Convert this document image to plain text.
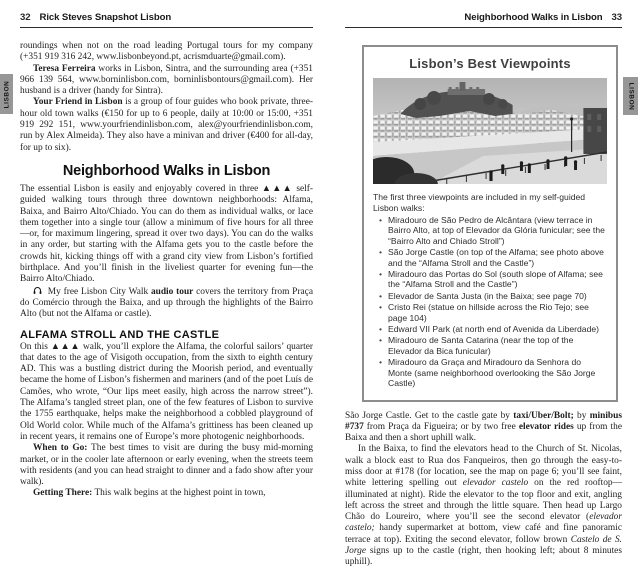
LISBON	LISBON
32 Rick Steves Snapshot Lisbon

roundings when not on the road leading Portugal tours for my company (+351 919 316 242, www.lisbonbeyond.pt, acrismduarte@gmail.com).

Teresa Ferreira works in Lisbon, Sintra, and the surrounding area (+351 966 139 564, www.borninlisbon.com, borninlisbontours@gmail.com). Her husband is a driver (handy for Sintra).

Your Friend in Lisbon is a group of four guides who book private, three-hour old town walks (€150 for up to 6 people, daily at 10:00 or 15:00, +351 919 292 151, www.yourfriendinlisbon.com, alex@yourfriendinlisbon.com, run by Alex Almeida). They also have a minivan and driver (€400 for all-day, for up to six).

Neighborhood Walks in Lisbon

The essential Lisbon is easily and enjoyably covered in three ▲▲▲ self-guided walking tours through three downtown neighborhoods: Alfama, Baixa, and Bairro Alto/Chiado. You can do them as individual walks, or lace them together into a single tour (allow a minimum of five hours for all three—or, for maximum lingering, spread it over two days). You can do the walks in any order, but starting with the Alfama gets you to the castle before the crowds hit, kicking things off with a grand city view from Lisbon’s fortified birthplace. And you’ll finish in the liveliest quarter for evening fun—the Bairro Alto/Chiado.

My free Lisbon City Walk audio tour covers the territory from Praça do Comércio through the Baixa, and up through the highlights of the Bairro Alto (but not the Alfama or castle).

ALFAMA STROLL AND THE CASTLE

On this ▲▲▲ walk, you’ll explore the Alfama, the colorful sailors’ quarter that dates to the age of Visigoth occupation, from the sixth to eighth century AD. This was a bustling district during the Moorish period, and eventually became the home of Lisbon’s fishermen and mariners (and of the poet Luís de Camões, who wrote, “Our lips meet easily, high across the narrow street”). The Alfama’s tangled street plan, one of the few features of Lisbon to survive the 1755 earthquake, helps make the neighborhood a cobbled playground of Old World color. While much of the Alfama’s grittiness has been cleaned up in recent years, it remains one of Europe’s more photogenic neighborhoods.

When to Go: The best times to visit are during the busy mid-morning market, or in the cooler late afternoon or early evening, when the streets teem with residents (and you can head straight to dinner and a fado show after your walk).

Getting There: This walk begins at the highest point in town,

Neighborhood Walks in Lisbon 33
Lisbon’s Best Viewpoints

The first three viewpoints are included in my self-guided Lisbon walks:

• Miradouro de São Pedro de Alcântara (view terrace in Bairro Alto, at top of Elevador da Glória funicular; see the “Bairro Alto and Chiado Stroll”)
• São Jorge Castle (on top of the Alfama; see photo above and the “Alfama Stroll and the Castle”)
• Miradouro das Portas do Sol (south slope of Alfama; see the “Alfama Stroll and the Castle”)
• Elevador de Santa Justa (in the Baixa; see page 70)
• Cristo Rei (statue on hillside across the Rio Tejo; see page 104)
• Edward VII Park (at north end of Avenida da Liberdade)
• Miradouro de Santa Catarina (near the top of the Elevador da Bica funicular)
• Miradouro da Graça and Miradouro da Senhora do Monte (same neighborhood overlooking the São Jorge Castle)

São Jorge Castle. Get to the castle gate by taxi/Uber/Bolt; by minibus #737 from Praça da Figueira; or by two free elevator rides up from the Baixa and then a short uphill walk.

In the Baixa, to find the elevators head to the Church of St. Nicolas, walk a block east to Rua dos Fanqueiros, then go through the easy-to-miss door at #178 (for location, see the map on page 6; you’ll see faint, white lettering spelling out elevador castelo on the red rooftop—illuminated at night). Ride the elevator to the top floor and exit, angling left across the street and through the little square. Then head up Largo Chão do Loureiro, where you’ll see the second elevator (elevador castelo; handy supermarket at bottom, view café and fine panoramic terrace at top). Exiting the second elevator, follow brown Castelo de S. Jorge signs up to the castle (right, then hooking left; about 8 minutes uphill).
